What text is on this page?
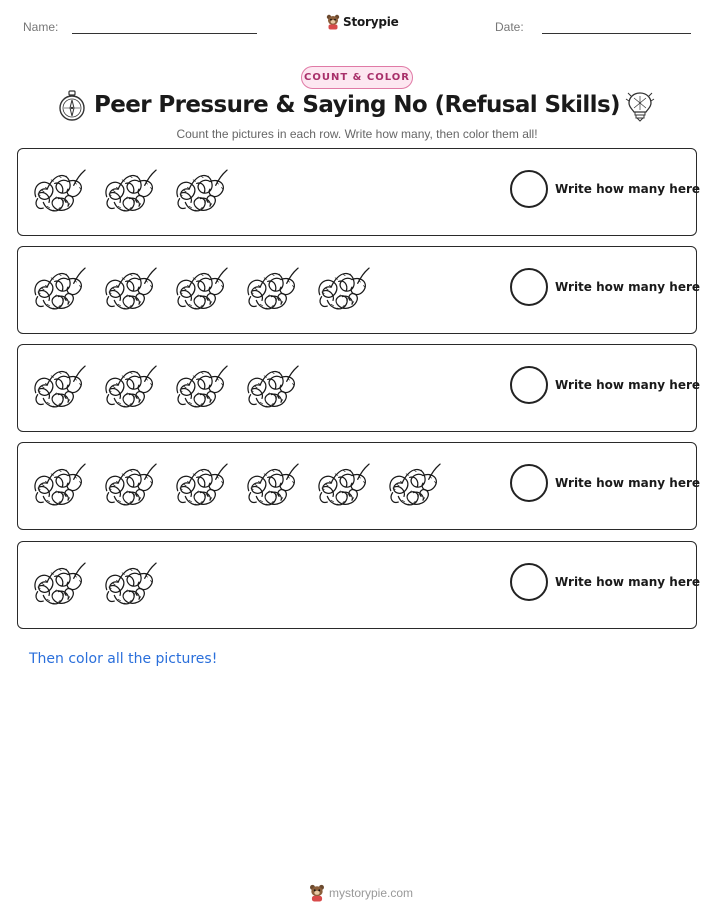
Name:	Storypie	Date:
COUNT & COLOR
Peer Pressure & Saying No (Refusal Skills)
Count the pictures in each row. Write how many, then color them all!
Write how many here
Write how many here
Write how many here
Write how many here
Write how many here
Then color all the pictures!
mystorypie.com
